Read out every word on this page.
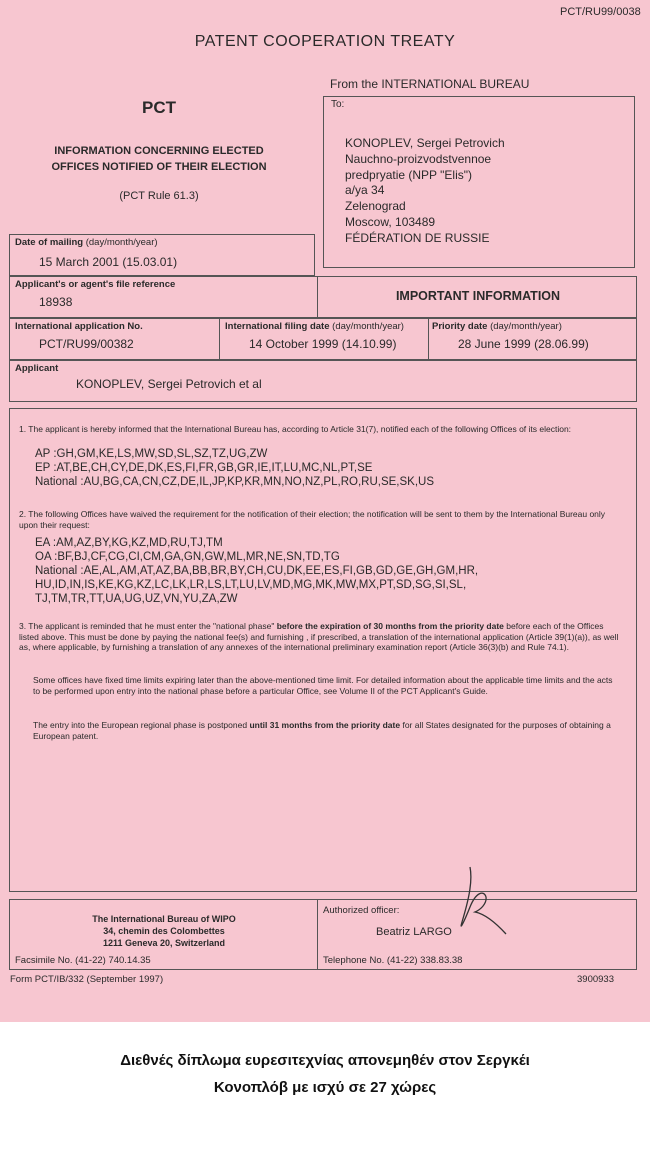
PCT/RU99/0038
PATENT COOPERATION TREATY
From the INTERNATIONAL BUREAU
PCT
INFORMATION CONCERNING ELECTED
OFFICES NOTIFIED OF THEIR ELECTION
(PCT Rule 61.3)
To:
KONOPLEV, Sergei Petrovich
Nauchno-proizvodstvennoe
predpryatie (NPP "Elis")
a/ya 34
Zelenograd
Moscow, 103489
FÉDÉRATION DE RUSSIE
Date of mailing (day/month/year)
15 March 2001 (15.03.01)
Applicant's or agent's file reference
18938	IMPORTANT INFORMATION
International application No.
PCT/RU99/00382
International filing date (day/month/year)
14 October 1999 (14.10.99)
Priority date (day/month/year)
28 June 1999 (28.06.99)
Applicant
KONOPLEV, Sergei Petrovich et al
1. The applicant is hereby informed that the International Bureau has, according to Article 31(7), notified each of the following Offices of its election:
AP :GH,GM,KE,LS,MW,SD,SL,SZ,TZ,UG,ZW
EP :AT,BE,CH,CY,DE,DK,ES,FI,FR,GB,GR,IE,IT,LU,MC,NL,PT,SE
National :AU,BG,CA,CN,CZ,DE,IL,JP,KP,KR,MN,NO,NZ,PL,RO,RU,SE,SK,US
2. The following Offices have waived the requirement for the notification of their election; the notification will be sent to them by the International Bureau only upon their request:
EA :AM,AZ,BY,KG,KZ,MD,RU,TJ,TM
OA :BF,BJ,CF,CG,CI,CM,GA,GN,GW,ML,MR,NE,SN,TD,TG
National :AE,AL,AM,AT,AZ,BA,BB,BR,BY,CH,CU,DK,EE,ES,FI,GB,GD,GE,GH,GM,HR,
HU,ID,IN,IS,KE,KG,KZ,LC,LK,LR,LS,LT,LU,LV,MD,MG,MK,MW,MX,PT,SD,SG,SI,SL,
TJ,TM,TR,TT,UA,UG,UZ,VN,YU,ZA,ZW
3. The applicant is reminded that he must enter the "national phase" before the expiration of 30 months from the priority date before each of the Offices listed above. This must be done by paying the national fee(s) and furnishing , if prescribed, a translation of the international application (Article 39(1)(a)), as well as, where applicable, by furnishing a translation of any annexes of the international preliminary examination report (Article 36(3)(b) and Rule 74.1).
Some offices have fixed time limits expiring later than the above-mentioned time limit. For detailed information about the applicable time limits and the acts to be performed upon entry into the national phase before a particular Office, see Volume II of the PCT Applicant's Guide.
The entry into the European regional phase is postponed until 31 months from the priority date for all States designated for the purposes of obtaining a European patent.
The International Bureau of WIPO
34, chemin des Colombettes
1211 Geneva 20, Switzerland
Facsimile No. (41-22) 740.14.35
Authorized officer:
Beatriz LARGO
Telephone No. (41-22) 338.83.38
Form PCT/IB/332 (September 1997)	3900933
Διεθνές δίπλωμα ευρεσιτεχνίας απονεμηθέν στον Σεργκέι
Κονοπλόβ με ισχύ σε 27 χώρες
